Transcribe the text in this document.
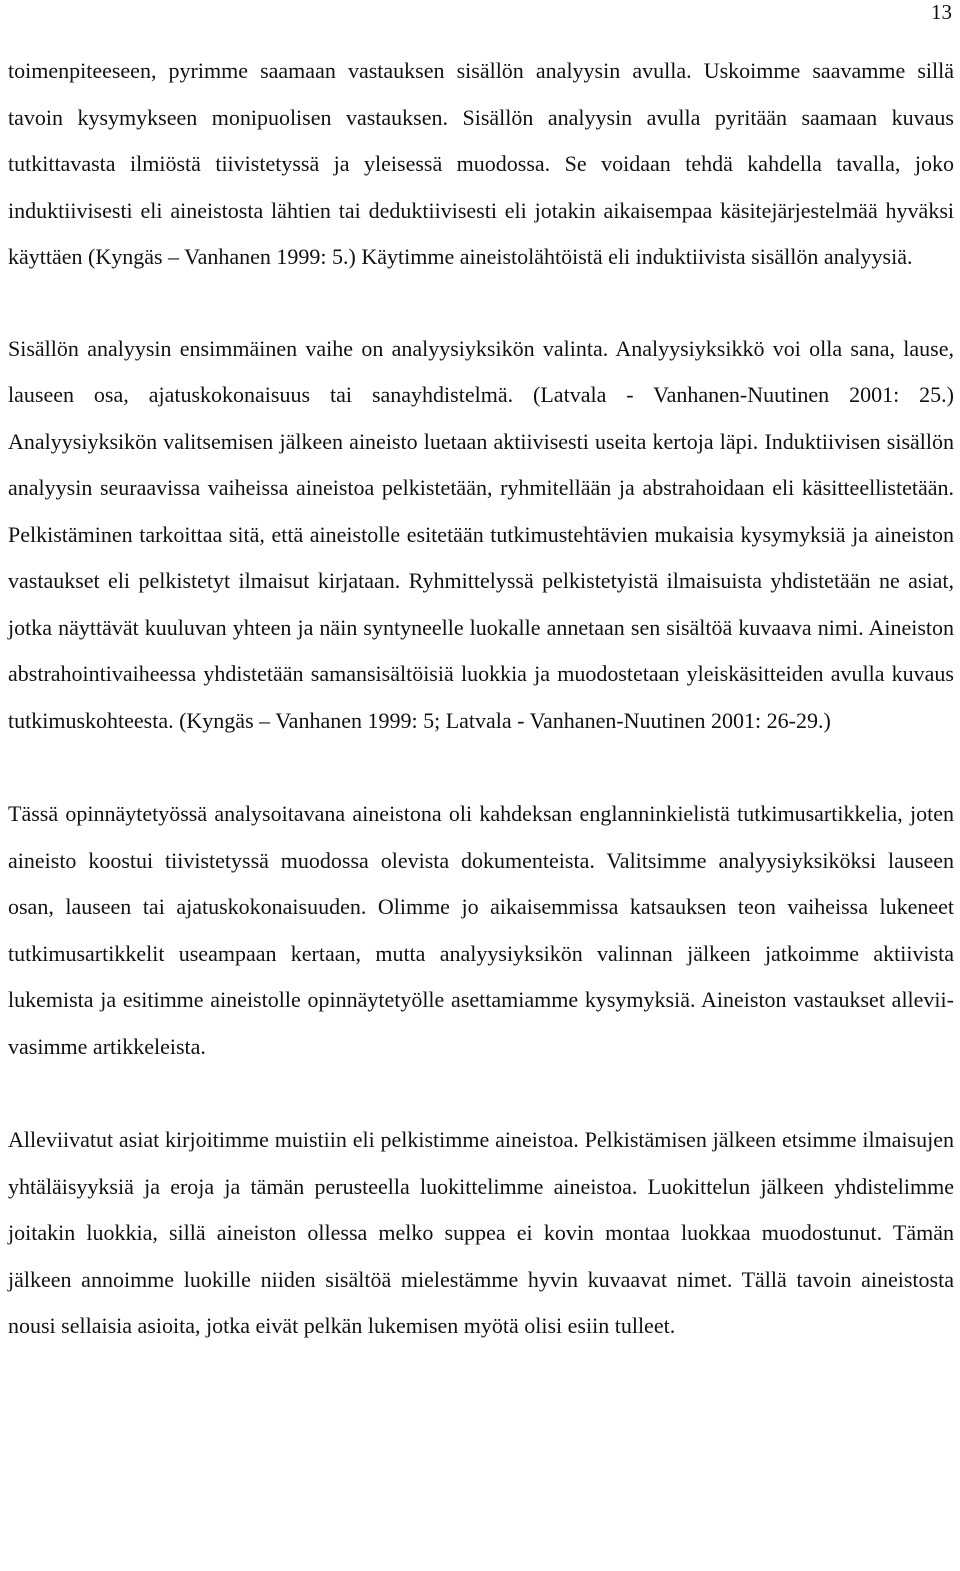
13

toimenpiteeseen, pyrimme saamaan vastauksen sisällön analyysin avulla. Uskoimme saavamme sillä tavoin kysymykseen monipuolisen vastauksen. Sisällön analyysin avulla pyritään saamaan kuvaus tutkittavasta ilmiöstä tiivistetyssä ja yleisessä muodossa. Se voidaan tehdä kahdella tavalla, joko induktiivisesti eli aineistosta lähtien tai deduktiivisesti eli jotakin aikaisempaa käsitejärjestelmää hyväksi käyttäen (Kyngäs – Vanhanen 1999: 5.) Käytimme aineistolähtöistä eli induktiivista sisällön analyysiä.

Sisällön analyysin ensimmäinen vaihe on analyysiyksikön valinta. Analyysiyksikkö voi olla sana, lause, lauseen osa, ajatuskokonaisuus tai sanayhdistelmä. (Latvala - Vanhanen-Nuutinen 2001: 25.) Analyysiyksikön valitsemisen jälkeen aineisto luetaan aktiivisesti useita kertoja läpi. Induktiivisen sisällön analyysin seuraavissa vaiheissa aineistoa pelkistetään, ryhmitellään ja abstrahoidaan eli käsitteellistetään. Pelkistäminen tarkoittaa sitä, että aineistolle esitetään tutkimustehtävien mukaisia kysymyksiä ja aineiston vastaukset eli pelkistetyt ilmaisut kirjataan. Ryhmittelyssä pelkistetyistä ilmaisuista yhdistetään ne asiat, jotka näyttävät kuuluvan yhteen ja näin syntyneelle luokalle annetaan sen sisältöä kuvaava nimi. Aineiston abstrahointivaiheessa yhdistetään samansisältöisiä luokkia ja muodostetaan yleiskäsitteiden avulla kuvaus tutkimuskohteesta. (Kyngäs – Vanhanen 1999: 5; Latvala - Vanhanen-Nuutinen 2001: 26-29.)

Tässä opinnäytetyössä analysoitavana aineistona oli kahdeksan englanninkielistä tutkimusartikkelia, joten aineisto koostui tiivistetyssä muodossa olevista dokumenteista. Valitsimme analyysiyksiköksi lauseen osan, lauseen tai ajatuskokonaisuuden. Olimme jo aikaisemmissa katsauksen teon vaiheissa lukeneet tutkimusartikkelit useampaan kertaan, mutta analyysiyksikön valinnan jälkeen jatkoimme aktiivista lukemista ja esitimme aineistolle opinnäytetyölle asettamiamme kysymyksiä. Aineiston vastaukset alleviivasimme artikkeleista.

Alleviivatut asiat kirjoitimme muistiin eli pelkistimme aineistoa. Pelkistämisen jälkeen etsimme ilmaisujen yhtäläisyyksiä ja eroja ja tämän perusteella luokittelimme aineistoa. Luokittelun jälkeen yhdistelimme joitakin luokkia, sillä aineiston ollessa melko suppea ei kovin montaa luokkaa muodostunut. Tämän jälkeen annoimme luokille niiden sisältöä mielestämme hyvin kuvaavat nimet. Tällä tavoin aineistosta nousi sellaisia asioita, jotka eivät pelkän lukemisen myötä olisi esiin tulleet.
